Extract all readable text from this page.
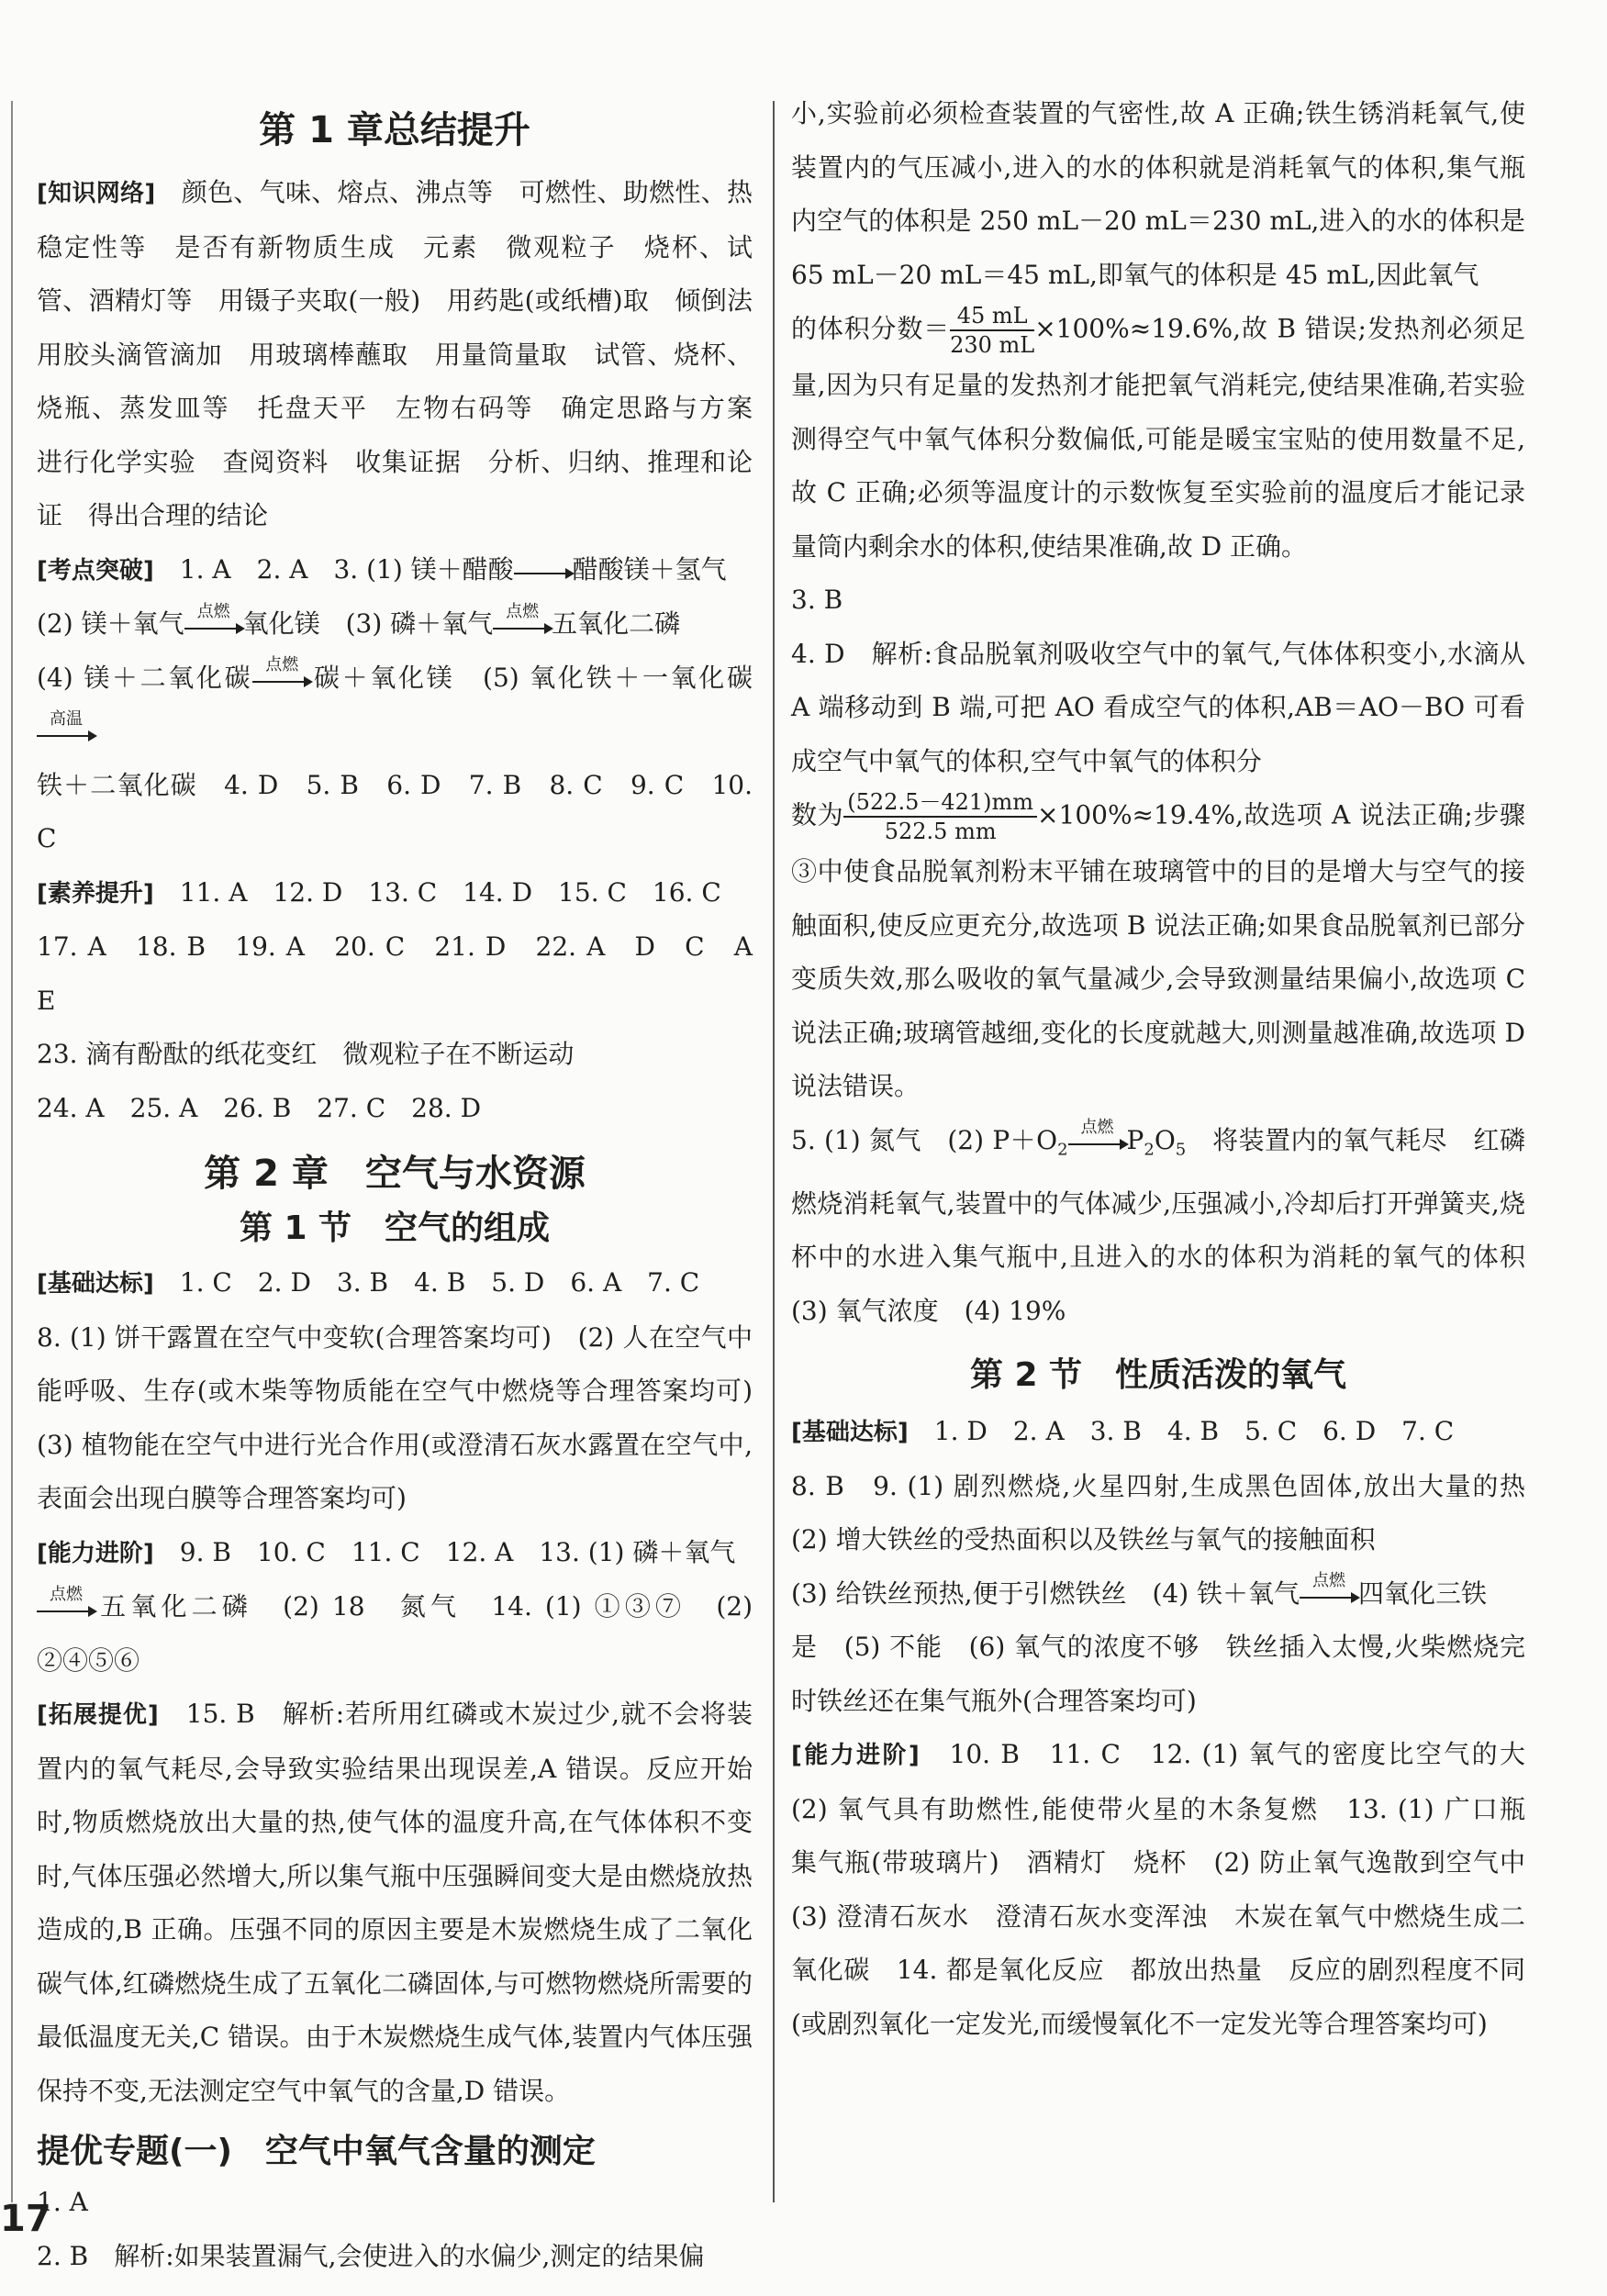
第 1 章总结提升

[知识网络]　 颜色、气味、熔点、沸点等　可燃性、助燃性、热稳定性等　是否有新物质生成　元素　微观粒子　烧杯、试管、酒精灯等　用镊子夹取(一般)　用药匙(或纸槽)取　倾倒法　用胶头滴管滴加　用玻璃棒蘸取　用量筒量取　试管、烧杯、烧瓶、蒸发皿等　托盘天平　左物右码等　确定思路与方案　进行化学实验　查阅资料　收集证据　分析、归纳、推理和论证　得出合理的结论

[考点突破]　 1. A　2. A　3. (1) 镁＋醋酸→醋酸镁＋氢气

(2) 镁＋氧气 点燃 氧化镁　(3) 磷＋氧气 点燃 五氧化二磷

(4) 镁＋二氧化碳 点燃 碳＋氧化镁　(5) 氧化铁＋一氧化碳
高温

铁＋二氧化碳　4. D　5. B　6. D　7. B　8. C　9. C　10. C

[素养提升]　 11. A　12. D　13. C　14. D　15. C　16. C

17. A　18. B　19. A　20. C　21. D　22. A　D　C　A　E

23. 滴有酚酞的纸花变红　微观粒子在不断运动

24. A　25. A　26. B　27. C　28. D

第 2 章　空气与水资源
第 1 节　空气的组成

[基础达标]　 1. C　2. D　3. B　4. B　5. D　6. A　7. C

8. (1) 饼干露置在空气中变软(合理答案均可)　(2) 人在空气中能呼吸、生存(或木柴等物质能在空气中燃烧等合理答案均可)　(3) 植物能在空气中进行光合作用(或澄清石灰水露置在空气中,表面会出现白膜等合理答案均可)

[能力进阶]　 9. B　10. C　11. C　12. A　13. (1) 磷＋氧气

点燃 五氧化二磷　(2) 18　氮气　14. (1) ①③⑦　(2) ②④⑤⑥

[拓展提优]　 15. B　解析:若所用红磷或木炭过少,就不会将装置内的氧气耗尽,会导致实验结果出现误差,A 错误。反应开始时,物质燃烧放出大量的热,使气体的温度升高,在气体体积不变时,气体压强必然增大,所以集气瓶中压强瞬间变大是由燃烧放热造成的,B 正确。压强不同的原因主要是木炭燃烧生成了二氧化碳气体,红磷燃烧生成了五氧化二磷固体,与可燃物燃烧所需要的最低温度无关,C 错误。由于木炭燃烧生成气体,装置内气体压强保持不变,无法测定空气中氧气的含量,D 错误。

提优专题(一)　空气中氧气含量的测定

1. A

2. B　解析:如果装置漏气,会使进入的水偏少,测定的结果偏

小,实验前必须检查装置的气密性,故 A 正确;铁生锈消耗氧气,使装置内的气压减小,进入的水的体积就是消耗氧气的体积,集气瓶内空气的体积是 250 mL－20 mL＝230 mL,进入的水的体积是 65 mL－20 mL＝45 mL,即氧气的体积是 45 mL,因此氧气

的体积分数＝ $\frac{45 mL}{230 mL} \times 100\%\approx 19.6\%$,故 B 错误;发热剂必须足量,因为只有足量的发热剂才能把氧气消耗完,使结果准确,若实验测得空气中氧气体积分数偏低,可能是暖宝宝贴的使用数量不足,故 C 正确;必须等温度计的示数恢复至实验前的温度后才能记录量筒内剩余水的体积,使结果准确,故 D 正确。

3. B

4. D　解析:食品脱氧剂吸收空气中的氧气,气体体积变小,水滴从 A 端移动到 B 端,可把 AO 看成空气的体积,AB＝AO－BO 可看成空气中氧气的体积,空气中氧气的体积分

数为 $\frac{(522.5-421)mm}{522.5 mm} \times 100\%\approx 19.4\%$,故选项 A 说法正确;步骤③中使食品脱氧剂粉末平铺在玻璃管中的目的是增大与空气的接触面积,使反应更充分,故选项 B 说法正确;如果食品脱氧剂已部分变质失效,那么吸收的氧气量减少,会导致测量结果偏小,故选项 C 说法正确;玻璃管越细,变化的长度就越大,则测量越准确,故选项 D 说法错误。

5. (1) 氮气　(2) $P+O_2$
点燃 $P_2O_5$　将装置内的氧气耗尽　红磷燃烧消耗氧气,装置中的气体减少,压强减小,冷却后打开弹簧夹,烧杯中的水进入集气瓶中,且进入的水的体积为消耗的氧气的体积　(3) 氧气浓度　(4) 19%

第 2 节　性质活泼的氧气

[基础达标]　 1. D　2. A　3. B　4. B　5. C　6. D　7. C

8. B　9. (1) 剧烈燃烧,火星四射,生成黑色固体,放出大量的热　(2) 增大铁丝的受热面积以及铁丝与氧气的接触面积

(3) 给铁丝预热,便于引燃铁丝　(4) 铁＋氧气 点燃 四氧化三铁

是　(5) 不能　(6) 氧气的浓度不够　铁丝插入太慢,火柴燃烧完时铁丝还在集气瓶外(合理答案均可)

[能力进阶]　 10. B　11. C　12. (1) 氧气的密度比空气的大　(2) 氧气具有助燃性,能使带火星的木条复燃　13. (1) 广口瓶　集气瓶(带玻璃片)　酒精灯　烧杯　(2) 防止氧气逸散到空气中　(3) 澄清石灰水　澄清石灰水变浑浊　木炭在氧气中燃烧生成二氧化碳　14. 都是氧化反应　都放出热量　反应的剧烈程度不同(或剧烈氧化一定发光,而缓慢氧化不一定发光等合理答案均可)

17
